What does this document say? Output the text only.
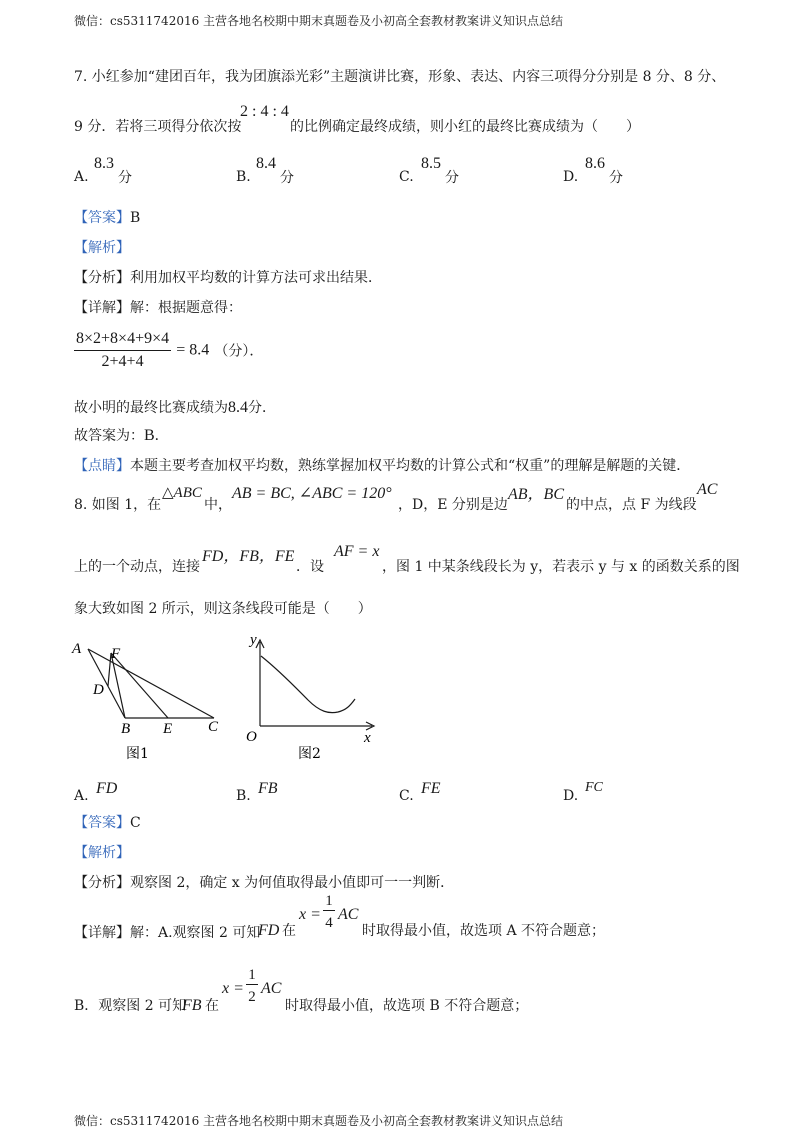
微信：cs5311742016 主营各地名校期中期末真题卷及小初高全套教材教案讲义知识点总结
7. 小红参加“建团百年，我为团旗添光彩”主题演讲比赛，形象、表达、内容三项得分分别是 8 分、8 分、
9 分．若将三项得分依次按
2 : 4 : 4
的比例确定最终成绩，则小红的最终比赛成绩为（　　）
A.
8.3
分	B.
8.4
分	C.
8.5
分	D.
8.6
分
【答案】B
【解析】
【分析】利用加权平均数的计算方法可求出结果．
【详解】解：根据题意得：
$\frac{8\times 2+8\times 4+9\times 4}{2+4+4} = 8.4$ （分）．
故小明的最终比赛成绩为8.4分．
故答案为：B．
【点睛】本题主要考查加权平均数，熟练掌握加权平均数的计算公式和“权重”的理解是解题的关键．
8. 如图 1，在
△ABC
中，
AB = BC, ∠ABC = 120°
，D，E 分别是边
AB，BC
的中点，点 F 为线段
AC
上的一个动点，连接
FD，FB，FE
．设
AF = x
，图 1 中某条线段长为 y，若表示 y 与 x 的函数关系的图
象大致如图 2 所示，则这条线段可能是（　　）
A F
D
B E C
图1
y
x
O
图2
A. FD	B. FB	C. FE	D.
FC
【答案】C
【解析】
【分析】观察图 2，确定 x 为何值取得最小值即可一一判断．
【详解】解：A.观察图 2 可知
FD 在
x =
1
4 AC
时取得最小值，故选项 A 不符合题意；
B．观察图 2 可知
FB 在
x =
1
2 AC
时取得最小值，故选项 B 不符合题意；
微信：cs5311742016 主营各地名校期中期末真题卷及小初高全套教材教案讲义知识点总结
